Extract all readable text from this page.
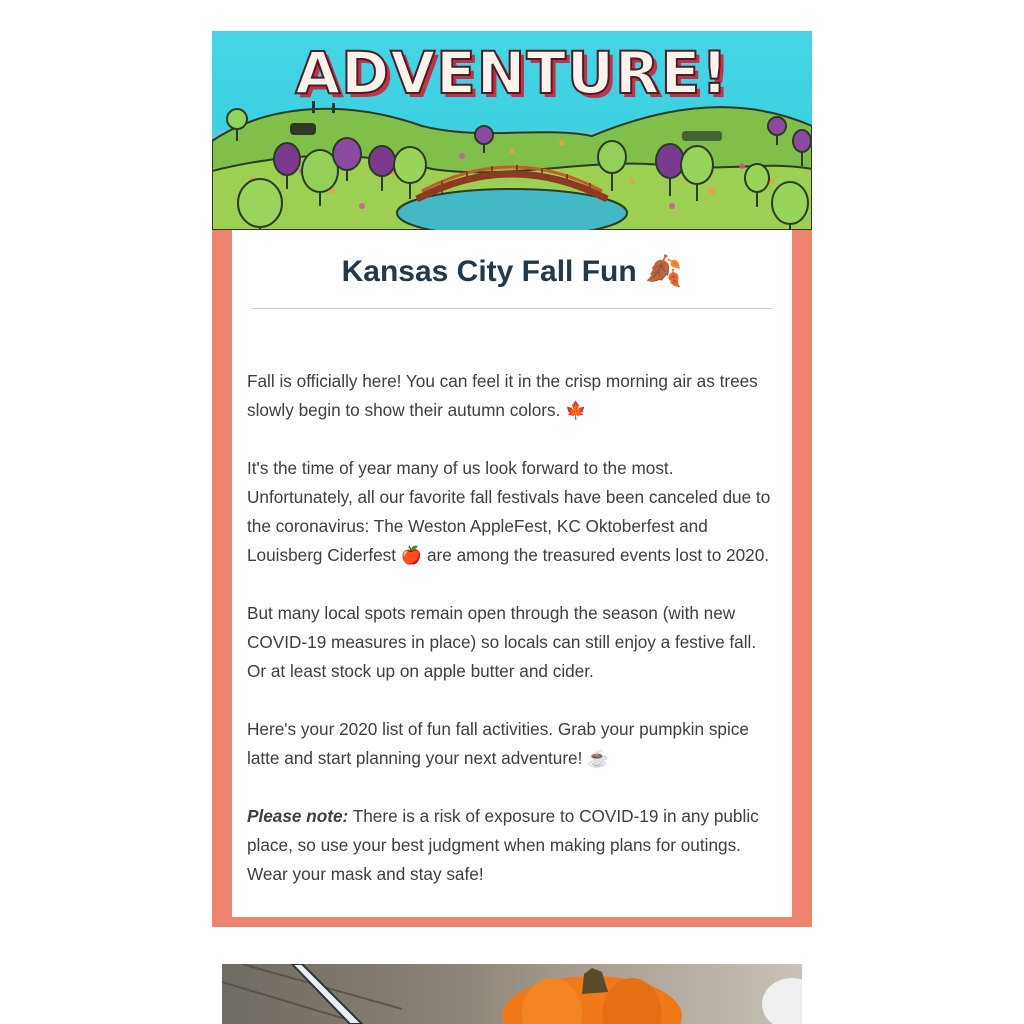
ADVENTURE!
Kansas City Fall Fun 🍂

Fall is officially here! You can feel it in the crisp morning air as trees slowly begin to show their autumn colors. 🍁

It's the time of year many of us look forward to the most. Unfortunately, all our favorite fall festivals have been canceled due to the coronavirus: The Weston AppleFest, KC Oktoberfest and Louisberg Ciderfest 🍎 are among the treasured events lost to 2020.

But many local spots remain open through the season (with new COVID-19 measures in place) so locals can still enjoy a festive fall. Or at least stock up on apple butter and cider.

Here's your 2020 list of fun fall activities. Grab your pumpkin spice latte and start planning your next adventure! ☕

Please note: There is a risk of exposure to COVID-19 in any public place, so use your best judgment when making plans for outings. Wear your mask and stay safe!
